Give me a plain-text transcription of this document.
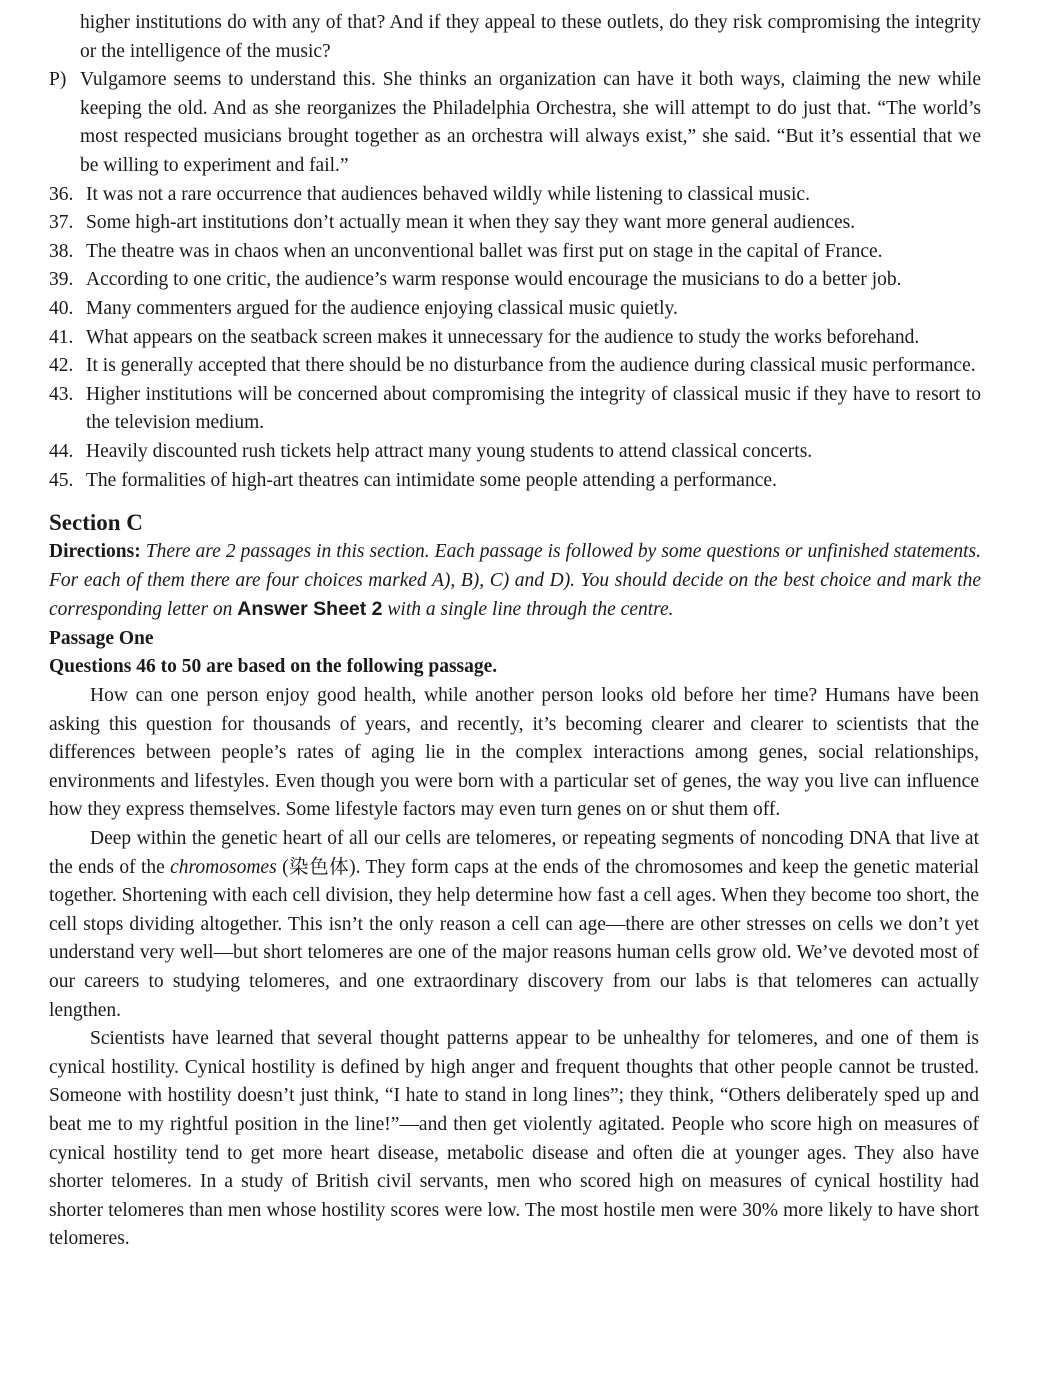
higher institutions do with any of that? And if they appeal to these outlets, do they risk compromising the integrity or the intelligence of the music?
P) Vulgamore seems to understand this. She thinks an organization can have it both ways, claiming the new while keeping the old. And as she reorganizes the Philadelphia Orchestra, she will attempt to do just that. “The world’s most respected musicians brought together as an orchestra will always exist,” she said. “But it’s essential that we be willing to experiment and fail.”
36. It was not a rare occurrence that audiences behaved wildly while listening to classical music.
37. Some high-art institutions don’t actually mean it when they say they want more general audiences.
38. The theatre was in chaos when an unconventional ballet was first put on stage in the capital of France.
39. According to one critic, the audience’s warm response would encourage the musicians to do a better job.
40. Many commenters argued for the audience enjoying classical music quietly.
41. What appears on the seatback screen makes it unnecessary for the audience to study the works beforehand.
42. It is generally accepted that there should be no disturbance from the audience during classical music performance.
43. Higher institutions will be concerned about compromising the integrity of classical music if they have to resort to the television medium.
44. Heavily discounted rush tickets help attract many young students to attend classical concerts.
45. The formalities of high-art theatres can intimidate some people attending a performance.
Section C
Directions: There are 2 passages in this section. Each passage is followed by some questions or unfinished statements. For each of them there are four choices marked A), B), C) and D). You should decide on the best choice and mark the corresponding letter on Answer Sheet 2 with a single line through the centre.
Passage One
Questions 46 to 50 are based on the following passage.
How can one person enjoy good health, while another person looks old before her time? Humans have been asking this question for thousands of years, and recently, it’s becoming clearer and clearer to scientists that the differences between people’s rates of aging lie in the complex interactions among genes, social relationships, environments and lifestyles. Even though you were born with a particular set of genes, the way you live can influence how they express themselves. Some lifestyle factors may even turn genes on or shut them off.
Deep within the genetic heart of all our cells are telomeres, or repeating segments of noncoding DNA that live at the ends of the chromosomes (染色体). They form caps at the ends of the chromosomes and keep the genetic material together. Shortening with each cell division, they help determine how fast a cell ages. When they become too short, the cell stops dividing altogether. This isn’t the only reason a cell can age—there are other stresses on cells we don’t yet understand very well—but short telomeres are one of the major reasons human cells grow old. We’ve devoted most of our careers to studying telomeres, and one extraordinary discovery from our labs is that telomeres can actually lengthen.
Scientists have learned that several thought patterns appear to be unhealthy for telomeres, and one of them is cynical hostility. Cynical hostility is defined by high anger and frequent thoughts that other people cannot be trusted. Someone with hostility doesn’t just think, “I hate to stand in long lines”; they think, “Others deliberately sped up and beat me to my rightful position in the line!”—and then get violently agitated. People who score high on measures of cynical hostility tend to get more heart disease, metabolic disease and often die at younger ages. They also have shorter telomeres. In a study of British civil servants, men who scored high on measures of cynical hostility had shorter telomeres than men whose hostility scores were low. The most hostile men were 30% more likely to have short telomeres.
